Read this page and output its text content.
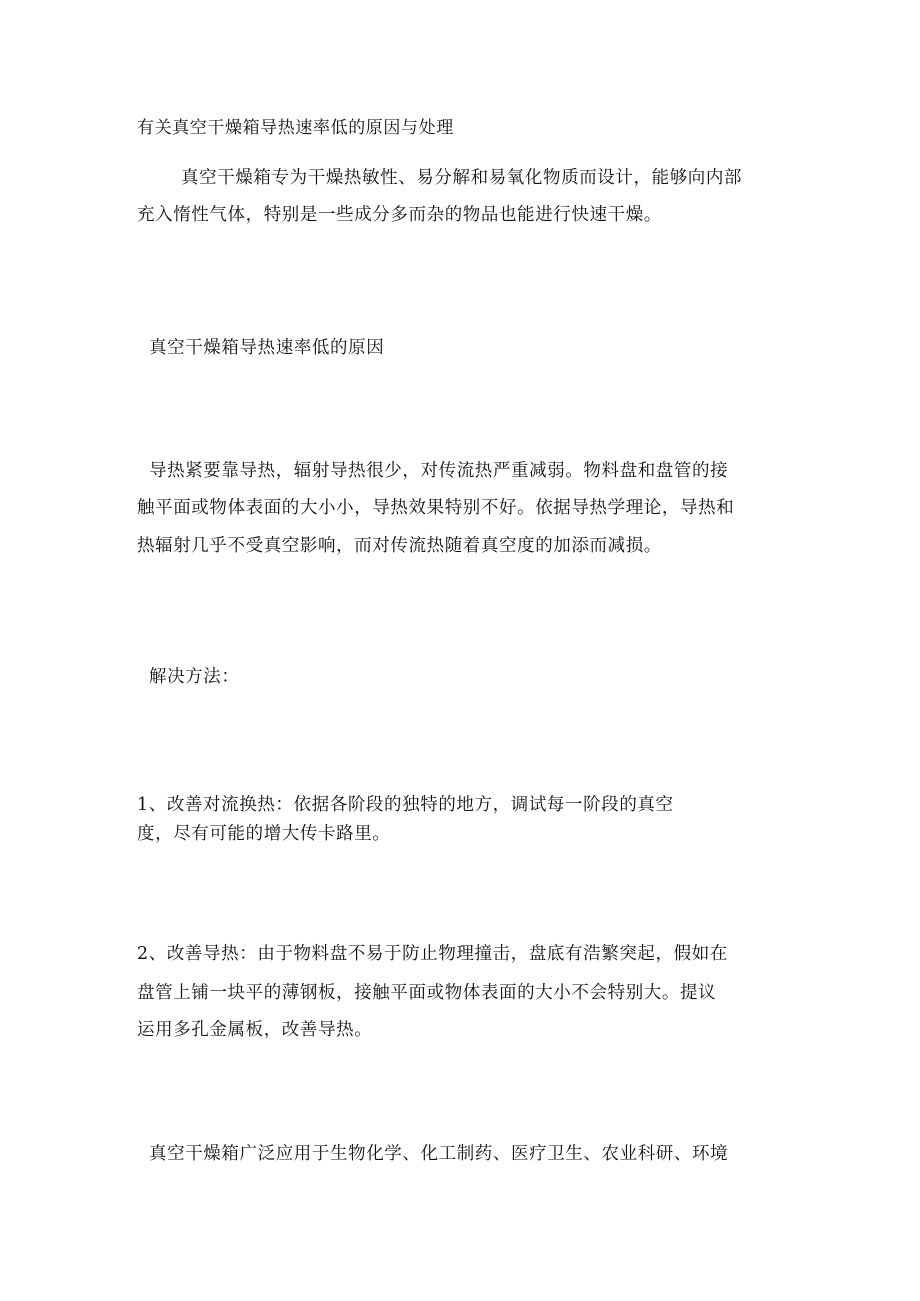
有关真空干燥箱导热速率低的原因与处理

真空干燥箱专为干燥热敏性、易分解和易氧化物质而设计，能够向内部

充入惰性气体，特别是一些成分多而杂的物品也能进行快速干燥。

真空干燥箱导热速率低的原因

导热紧要靠导热，辐射导热很少，对传流热严重减弱。物料盘和盘管的接

触平面或物体表面的大小小，导热效果特别不好。依据导热学理论，导热和

热辐射几乎不受真空影响，而对传流热随着真空度的加添而减损。

解决方法：

1、改善对流换热：依据各阶段的独特的地方，调试每一阶段的真空

度，尽有可能的增大传卡路里。

2、改善导热：由于物料盘不易于防止物理撞击，盘底有浩繁突起，假如在

盘管上铺一块平的薄钢板，接触平面或物体表面的大小不会特别大。提议

运用多孔金属板，改善导热。

真空干燥箱广泛应用于生物化学、化工制药、医疗卫生、农业科研、环境
